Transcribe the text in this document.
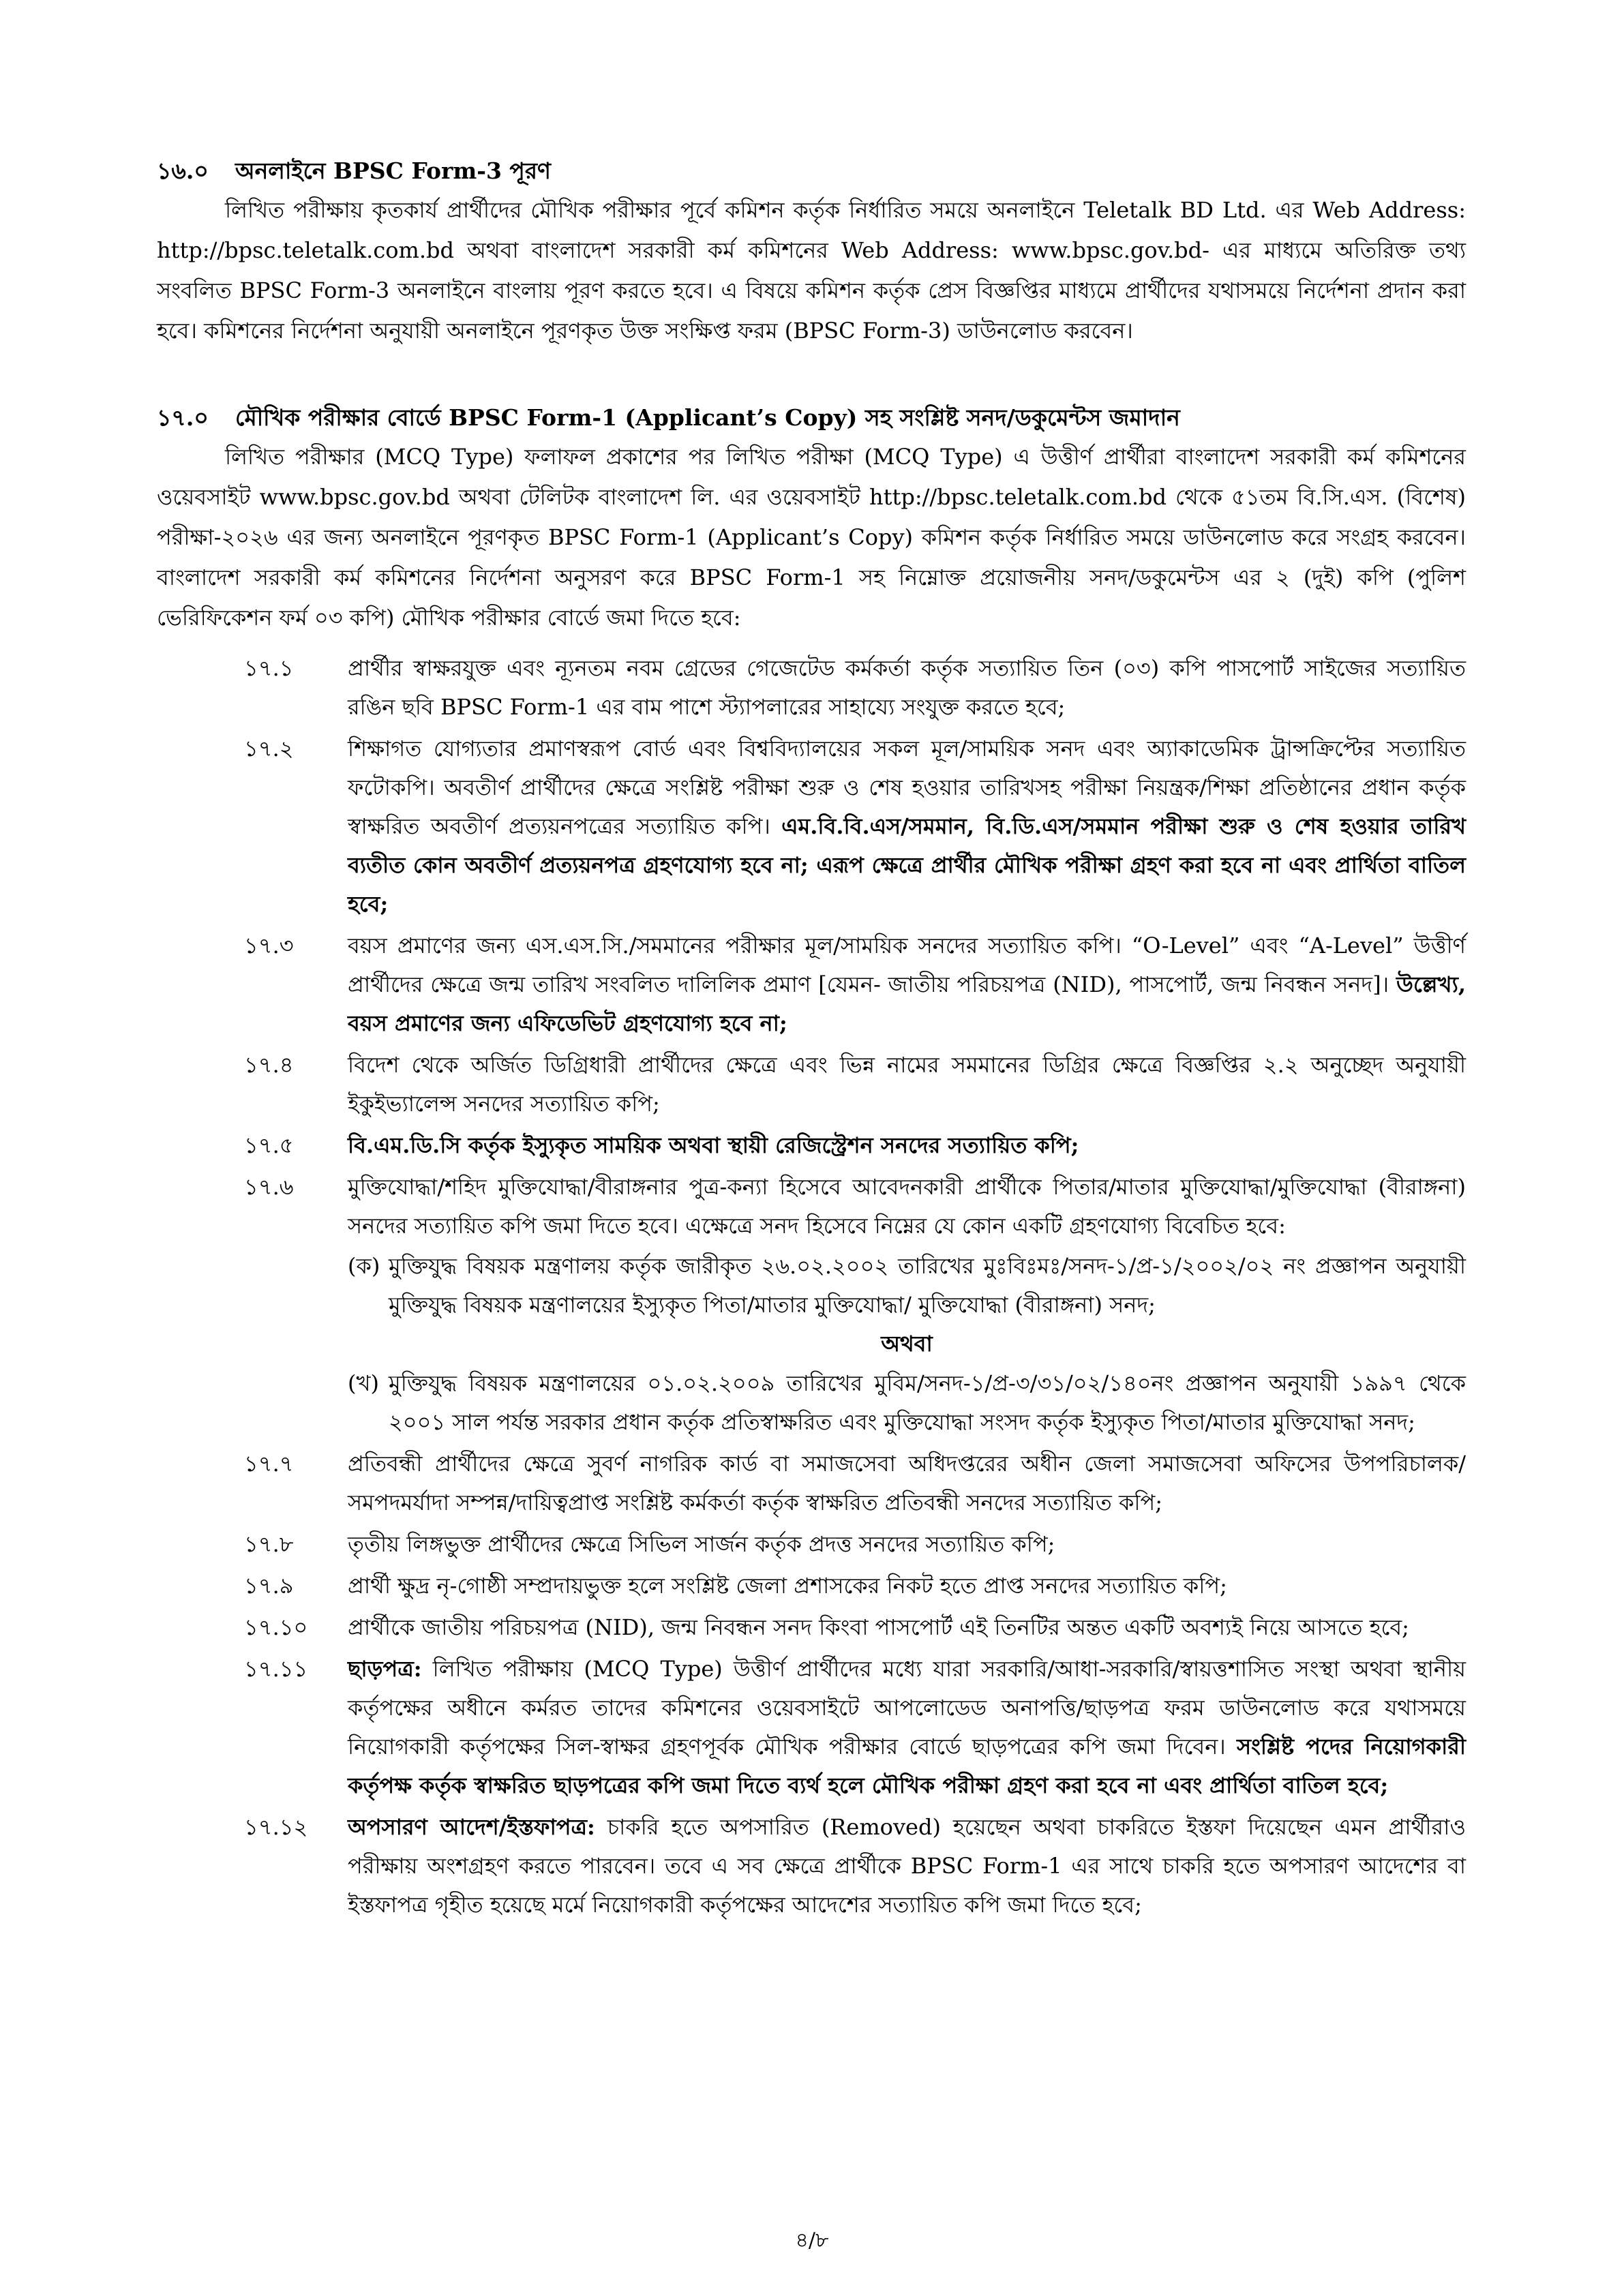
১৬.০	অনলাইনে BPSC Form-3 পূরণ

লিখিত পরীক্ষায় কৃতকার্য প্রার্থীদের মৌখিক পরীক্ষার পূর্বে কমিশন কর্তৃক নির্ধারিত সময়ে অনলাইনে Teletalk BD Ltd. এর Web Address: http://bpsc.teletalk.com.bd অথবা বাংলাদেশ সরকারী কর্ম কমিশনের Web Address: www.bpsc.gov.bd- এর মাধ্যমে অতিরিক্ত তথ্য সংবলিত BPSC Form-3 অনলাইনে বাংলায় পূরণ করতে হবে। এ বিষয়ে কমিশন কর্তৃক প্রেস বিজ্ঞপ্তির মাধ্যমে প্রার্থীদের যথাসময়ে নির্দেশনা প্রদান করা হবে। কমিশনের নির্দেশনা অনুযায়ী অনলাইনে পূরণকৃত উক্ত সংক্ষিপ্ত ফরম (BPSC Form-3) ডাউনলোড করবেন।

১৭.০	মৌখিক পরীক্ষার বোর্ডে BPSC Form-1 (Applicant’s Copy) সহ সংশ্লিষ্ট সনদ/ডকুমেন্টস জমাদান

লিখিত পরীক্ষার (MCQ Type) ফলাফল প্রকাশের পর লিখিত পরীক্ষা (MCQ Type) এ উত্তীর্ণ প্রার্থীরা বাংলাদেশ সরকারী কর্ম কমিশনের ওয়েবসাইট www.bpsc.gov.bd অথবা টেলিটক বাংলাদেশ লি. এর ওয়েবসাইট http://bpsc.teletalk.com.bd থেকে ৫১তম বি.সি.এস. (বিশেষ) পরীক্ষা-২০২৬ এর জন্য অনলাইনে পূরণকৃত BPSC Form-1 (Applicant’s Copy) কমিশন কর্তৃক নির্ধারিত সময়ে ডাউনলোড করে সংগ্রহ করবেন। বাংলাদেশ সরকারী কর্ম কমিশনের নির্দেশনা অনুসরণ করে BPSC Form-1 সহ নিম্নোক্ত প্রয়োজনীয় সনদ/ডকুমেন্টস এর ২ (দুই) কপি (পুলিশ ভেরিফিকেশন ফর্ম ০৩ কপি) মৌখিক পরীক্ষার বোর্ডে জমা দিতে হবে:

১৭.১	প্রার্থীর স্বাক্ষরযুক্ত এবং ন্যূনতম নবম গ্রেডের গেজেটেড কর্মকর্তা কর্তৃক সত্যায়িত তিন (০৩) কপি পাসপোর্ট সাইজের সত্যায়িত রঙিন ছবি BPSC Form-1 এর বাম পাশে স্ট্যাপলারের সাহায্যে সংযুক্ত করতে হবে;
১৭.২	শিক্ষাগত যোগ্যতার প্রমাণস্বরূপ বোর্ড এবং বিশ্ববিদ্যালয়ের সকল মূল/সাময়িক সনদ এবং অ্যাকাডেমিক ট্রান্সক্রিপ্টের সত্যায়িত ফটোকপি। অবতীর্ণ প্রার্থীদের ক্ষেত্রে সংশ্লিষ্ট পরীক্ষা শুরু ও শেষ হওয়ার তারিখসহ পরীক্ষা নিয়ন্ত্রক/শিক্ষা প্রতিষ্ঠানের প্রধান কর্তৃক স্বাক্ষরিত অবতীর্ণ প্রত্যয়নপত্রের সত্যায়িত কপি। এম.বি.বি.এস/সমমান, বি.ডি.এস/সমমান পরীক্ষা শুরু ও শেষ হওয়ার তারিখ ব্যতীত কোন অবতীর্ণ প্রত্যয়নপত্র গ্রহণযোগ্য হবে না; এরূপ ক্ষেত্রে প্রার্থীর মৌখিক পরীক্ষা গ্রহণ করা হবে না এবং প্রার্থিতা বাতিল হবে;
১৭.৩	বয়স প্রমাণের জন্য এস.এস.সি./সমমানের পরীক্ষার মূল/সাময়িক সনদের সত্যায়িত কপি। “O-Level” এবং “A-Level” উত্তীর্ণ প্রার্থীদের ক্ষেত্রে জন্ম তারিখ সংবলিত দালিলিক প্রমাণ [যেমন- জাতীয় পরিচয়পত্র (NID), পাসপোর্ট, জন্ম নিবন্ধন সনদ]। উল্লেখ্য, বয়স প্রমাণের জন্য এফিডেভিট গ্রহণযোগ্য হবে না;
১৭.৪	বিদেশ থেকে অর্জিত ডিগ্রিধারী প্রার্থীদের ক্ষেত্রে এবং ভিন্ন নামের সমমানের ডিগ্রির ক্ষেত্রে বিজ্ঞপ্তির ২.২ অনুচ্ছেদ অনুযায়ী ইকুইভ্যালেন্স সনদের সত্যায়িত কপি;
১৭.৫	বি.এম.ডি.সি কর্তৃক ইস্যুকৃত সাময়িক অথবা স্থায়ী রেজিস্ট্রেশন সনদের সত্যায়িত কপি;
১৭.৬	মুক্তিযোদ্ধা/শহিদ মুক্তিযোদ্ধা/বীরাঙ্গনার পুত্র-কন্যা হিসেবে আবেদনকারী প্রার্থীকে পিতার/মাতার মুক্তিযোদ্ধা/মুক্তিযোদ্ধা (বীরাঙ্গনা) সনদের সত্যায়িত কপি জমা দিতে হবে। এক্ষেত্রে সনদ হিসেবে নিম্নের যে কোন একটি গ্রহণযোগ্য বিবেচিত হবে:
(ক) মুক্তিযুদ্ধ বিষয়ক মন্ত্রণালয় কর্তৃক জারীকৃত ২৬.০২.২০০২ তারিখের মুঃবিঃমঃ/সনদ-১/প্র-১/২০০২/০২ নং প্রজ্ঞাপন অনুযায়ী মুক্তিযুদ্ধ বিষয়ক মন্ত্রণালয়ের ইস্যুকৃত পিতা/মাতার মুক্তিযোদ্ধা/ মুক্তিযোদ্ধা (বীরাঙ্গনা) সনদ;
অথবা
(খ) মুক্তিযুদ্ধ বিষয়ক মন্ত্রণালয়ের ০১.০২.২০০৯ তারিখের মুবিম/সনদ-১/প্র-৩/৩১/০২/১৪০নং প্রজ্ঞাপন অনুযায়ী ১৯৯৭ থেকে ২০০১ সাল পর্যন্ত সরকার প্রধান কর্তৃক প্রতিস্বাক্ষরিত এবং মুক্তিযোদ্ধা সংসদ কর্তৃক ইস্যুকৃত পিতা/মাতার মুক্তিযোদ্ধা সনদ;
১৭.৭	প্রতিবন্ধী প্রার্থীদের ক্ষেত্রে সুবর্ণ নাগরিক কার্ড বা সমাজসেবা অধিদপ্তরের অধীন জেলা সমাজসেবা অফিসের উপপরিচালক/সমপদমর্যাদা সম্পন্ন/দায়িত্বপ্রাপ্ত সংশ্লিষ্ট কর্মকর্তা কর্তৃক স্বাক্ষরিত প্রতিবন্ধী সনদের সত্যায়িত কপি;
১৭.৮	তৃতীয় লিঙ্গভুক্ত প্রার্থীদের ক্ষেত্রে সিভিল সার্জন কর্তৃক প্রদত্ত সনদের সত্যায়িত কপি;
১৭.৯	প্রার্থী ক্ষুদ্র নৃ-গোষ্ঠী সম্প্রদায়ভুক্ত হলে সংশ্লিষ্ট জেলা প্রশাসকের নিকট হতে প্রাপ্ত সনদের সত্যায়িত কপি;
১৭.১০	প্রার্থীকে জাতীয় পরিচয়পত্র (NID), জন্ম নিবন্ধন সনদ কিংবা পাসপোর্ট এই তিনটির অন্তত একটি অবশ্যই নিয়ে আসতে হবে;
১৭.১১	ছাড়পত্র: লিখিত পরীক্ষায় (MCQ Type) উত্তীর্ণ প্রার্থীদের মধ্যে যারা সরকারি/আধা-সরকারি/স্বায়ত্তশাসিত সংস্থা অথবা স্থানীয় কর্তৃপক্ষের অধীনে কর্মরত তাদের কমিশনের ওয়েবসাইটে আপলোডেড অনাপত্তি/ছাড়পত্র ফরম ডাউনলোড করে যথাসময়ে নিয়োগকারী কর্তৃপক্ষের সিল-স্বাক্ষর গ্রহণপূর্বক মৌখিক পরীক্ষার বোর্ডে ছাড়পত্রের কপি জমা দিবেন। সংশ্লিষ্ট পদের নিয়োগকারী কর্তৃপক্ষ কর্তৃক স্বাক্ষরিত ছাড়পত্রের কপি জমা দিতে ব্যর্থ হলে মৌখিক পরীক্ষা গ্রহণ করা হবে না এবং প্রার্থিতা বাতিল হবে;
১৭.১২	অপসারণ আদেশ/ইস্তফাপত্র: চাকরি হতে অপসারিত (Removed) হয়েছেন অথবা চাকরিতে ইস্তফা দিয়েছেন এমন প্রার্থীরাও পরীক্ষায় অংশগ্রহণ করতে পারবেন। তবে এ সব ক্ষেত্রে প্রার্থীকে BPSC Form-1 এর সাথে চাকরি হতে অপসারণ আদেশের বা ইস্তফাপত্র গৃহীত হয়েছে মর্মে নিয়োগকারী কর্তৃপক্ষের আদেশের সত্যায়িত কপি জমা দিতে হবে;
৪/৮
